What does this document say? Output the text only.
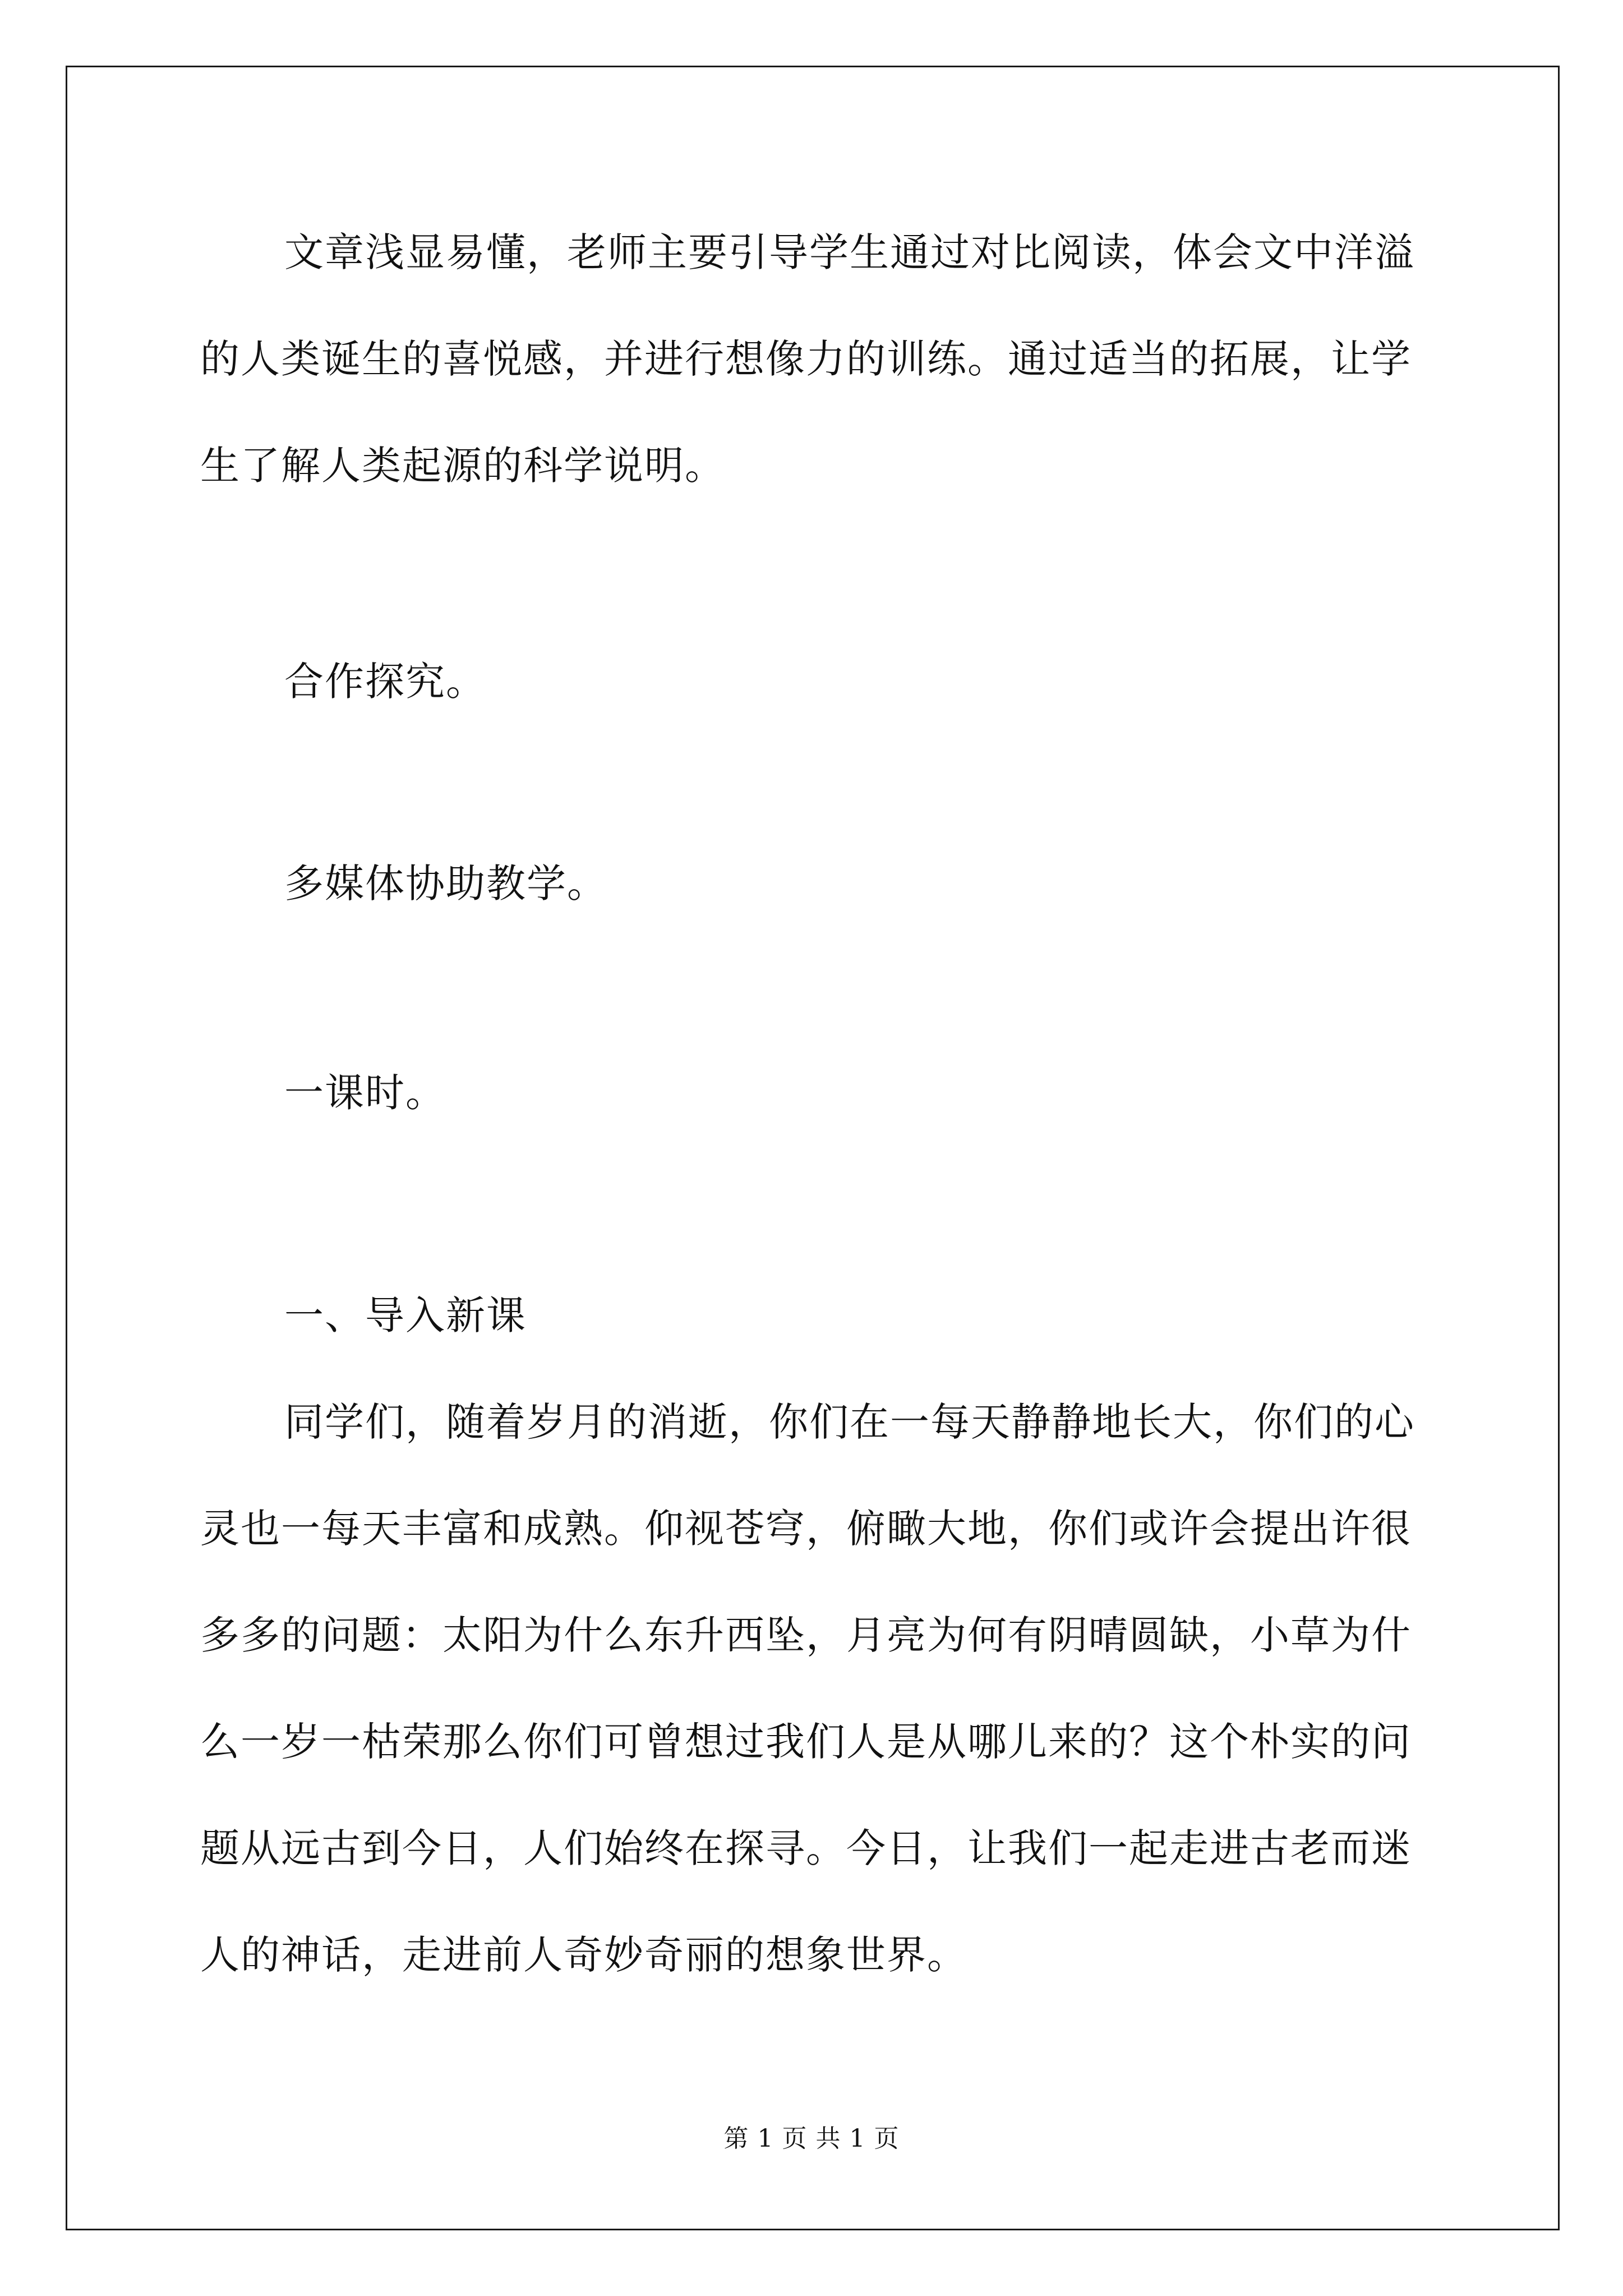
文章浅显易懂，老师主要引导学生通过对比阅读，体会文中洋溢
的人类诞生的喜悦感，并进行想像力的训练。通过适当的拓展，让学
生了解人类起源的科学说明。
合作探究。
多媒体协助教学。
一课时。
一、导入新课
同学们，随着岁月的消逝，你们在一每天静静地长大，你们的心
灵也一每天丰富和成熟。仰视苍穹，俯瞰大地，你们或许会提出许很
多多的问题：太阳为什么东升西坠，月亮为何有阴晴圆缺，小草为什
么一岁一枯荣那么你们可曾想过我们人是从哪儿来的？这个朴实的问
题从远古到今日，人们始终在探寻。今日，让我们一起走进古老而迷
人的神话，走进前人奇妙奇丽的想象世界。
第 1 页 共 1 页
